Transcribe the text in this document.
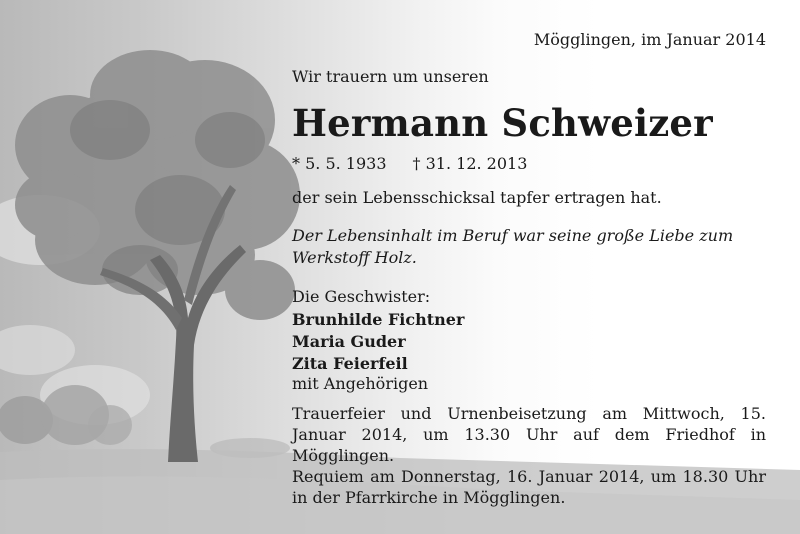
Mögglingen, im Januar 2014
Wir trauern um unseren
Hermann Schweizer
* 5. 5. 1933 † 31. 12. 2013
der sein Lebensschicksal tapfer ertragen hat.

Der Lebensinhalt im Beruf war seine große Liebe zum Werkstoff Holz.

Die Geschwister:
Brunhilde Fichtner
Maria Guder
Zita Feierfeil
mit Angehörigen

Trauerfeier und Urnenbeisetzung am Mittwoch, 15. Januar 2014, um 13.30 Uhr auf dem Friedhof in Mögglingen.

Requiem am Donnerstag, 16. Januar 2014, um 18.30 Uhr in der Pfarrkirche in Mögglingen.
